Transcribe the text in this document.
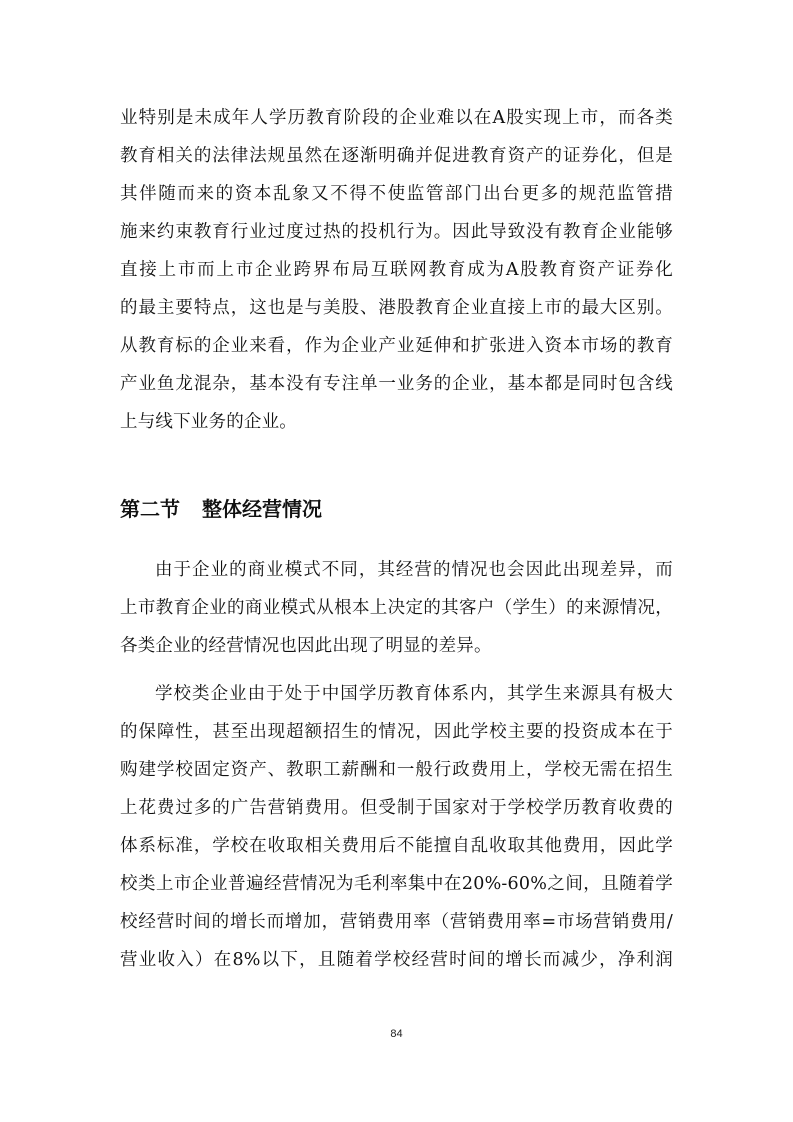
业特别是未成年人学历教育阶段的企业难以在A股实现上市，而各类
教育相关的法律法规虽然在逐渐明确并促进教育资产的证券化，但是
其伴随而来的资本乱象又不得不使监管部门出台更多的规范监管措
施来约束教育行业过度过热的投机行为。因此导致没有教育企业能够
直接上市而上市企业跨界布局互联网教育成为A股教育资产证券化
的最主要特点，这也是与美股、港股教育企业直接上市的最大区别。
从教育标的企业来看，作为企业产业延伸和扩张进入资本市场的教育
产业鱼龙混杂，基本没有专注单一业务的企业，基本都是同时包含线
上与线下业务的企业。
第二节 整体经营情况
由于企业的商业模式不同，其经营的情况也会因此出现差异，而
上市教育企业的商业模式从根本上决定的其客户（学生）的来源情况，
各类企业的经营情况也因此出现了明显的差异。
学校类企业由于处于中国学历教育体系内，其学生来源具有极大
的保障性，甚至出现超额招生的情况，因此学校主要的投资成本在于
购建学校固定资产、教职工薪酬和一般行政费用上，学校无需在招生
上花费过多的广告营销费用。但受制于国家对于学校学历教育收费的
体系标准，学校在收取相关费用后不能擅自乱收取其他费用，因此学
校类上市企业普遍经营情况为毛利率集中在20%-60%之间，且随着学
校经营时间的增长而增加，营销费用率（营销费用率=市场营销费用/
营业收入）在8%以下，且随着学校经营时间的增长而减少，净利润
84
